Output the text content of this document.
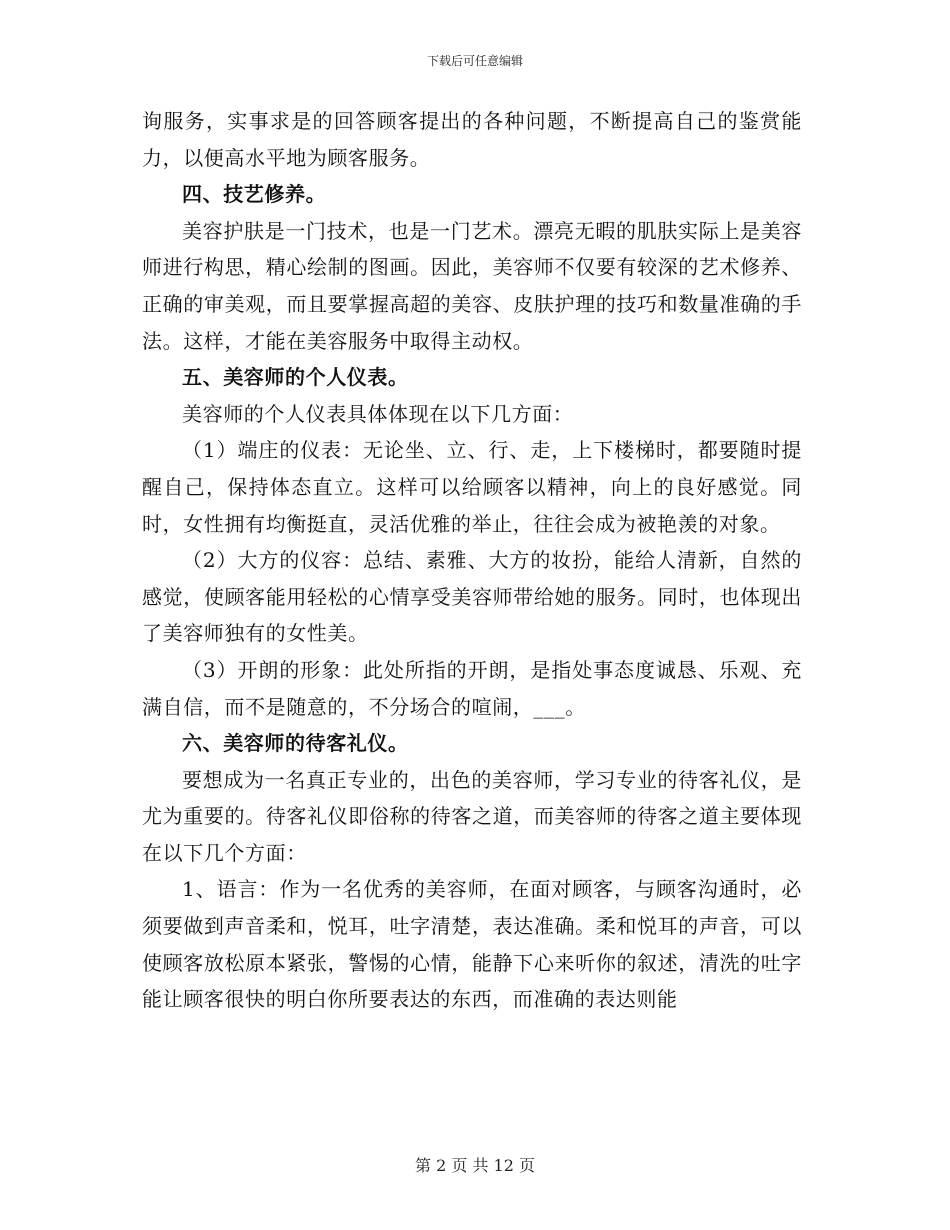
下载后可任意编辑

询服务，实事求是的回答顾客提出的各种问题，不断提高自己的鉴赏能力，以便高水平地为顾客服务。

四、技艺修养。

美容护肤是一门技术，也是一门艺术。漂亮无暇的肌肤实际上是美容师进行构思，精心绘制的图画。因此，美容师不仅要有较深的艺术修养、正确的审美观，而且要掌握高超的美容、皮肤护理的技巧和数量准确的手法。这样，才能在美容服务中取得主动权。

五、美容师的个人仪表。

美容师的个人仪表具体体现在以下几方面：

（1）端庄的仪表：无论坐、立、行、走，上下楼梯时，都要随时提醒自己，保持体态直立。这样可以给顾客以精神，向上的良好感觉。同时，女性拥有均衡挺直，灵活优雅的举止，往往会成为被艳羡的对象。

（2）大方的仪容：总结、素雅、大方的妆扮，能给人清新，自然的感觉，使顾客能用轻松的心情享受美容师带给她的服务。同时，也体现出了美容师独有的女性美。

（3）开朗的形象：此处所指的开朗，是指处事态度诚恳、乐观、充满自信，而不是随意的，不分场合的喧闹，___。

六、美容师的待客礼仪。

要想成为一名真正专业的，出色的美容师，学习专业的待客礼仪，是尤为重要的。待客礼仪即俗称的待客之道，而美容师的待客之道主要体现在以下几个方面：

1、语言：作为一名优秀的美容师，在面对顾客，与顾客沟通时，必须要做到声音柔和，悦耳，吐字清楚，表达准确。柔和悦耳的声音，可以使顾客放松原本紧张，警惕的心情，能静下心来听你的叙述，清洗的吐字能让顾客很快的明白你所要表达的东西，而准确的表达则能

第 2 页 共 12 页
